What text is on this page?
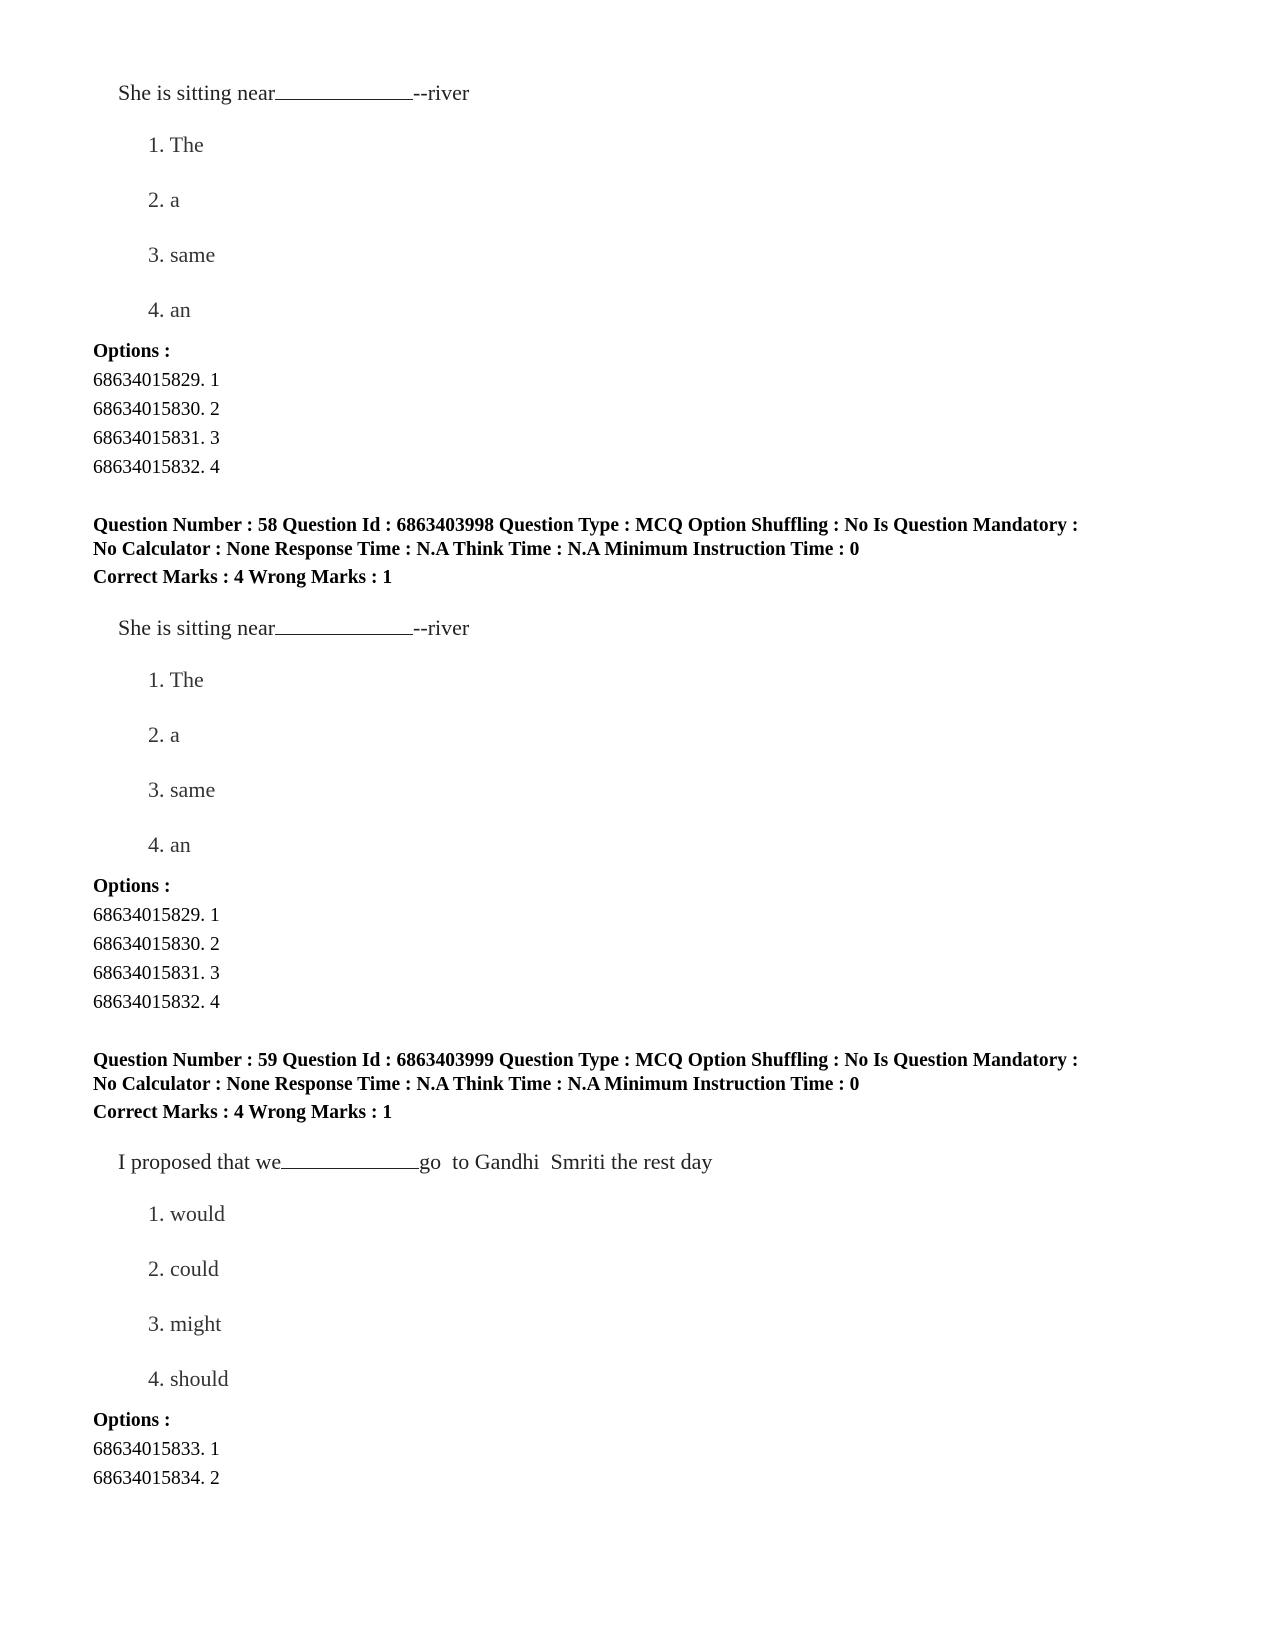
She is sitting near	--river
1. The
2. a
3. same
4. an
Options :
68634015829. 1
68634015830. 2
68634015831. 3
68634015832. 4
Question Number : 58 Question Id : 6863403998 Question Type : MCQ Option Shuffling : No Is Question Mandatory :
No Calculator : None Response Time : N.A Think Time : N.A Minimum Instruction Time : 0
Correct Marks : 4 Wrong Marks : 1
She is sitting near	--river
1. The
2. a
3. same
4. an
Options :
68634015829. 1
68634015830. 2
68634015831. 3
68634015832. 4
Question Number : 59 Question Id : 6863403999 Question Type : MCQ Option Shuffling : No Is Question Mandatory :
No Calculator : None Response Time : N.A Think Time : N.A Minimum Instruction Time : 0
Correct Marks : 4 Wrong Marks : 1
I proposed that we	go  to Gandhi  Smriti the rest day
1. would
2. could
3. might
4. should
Options :
68634015833. 1
68634015834. 2
